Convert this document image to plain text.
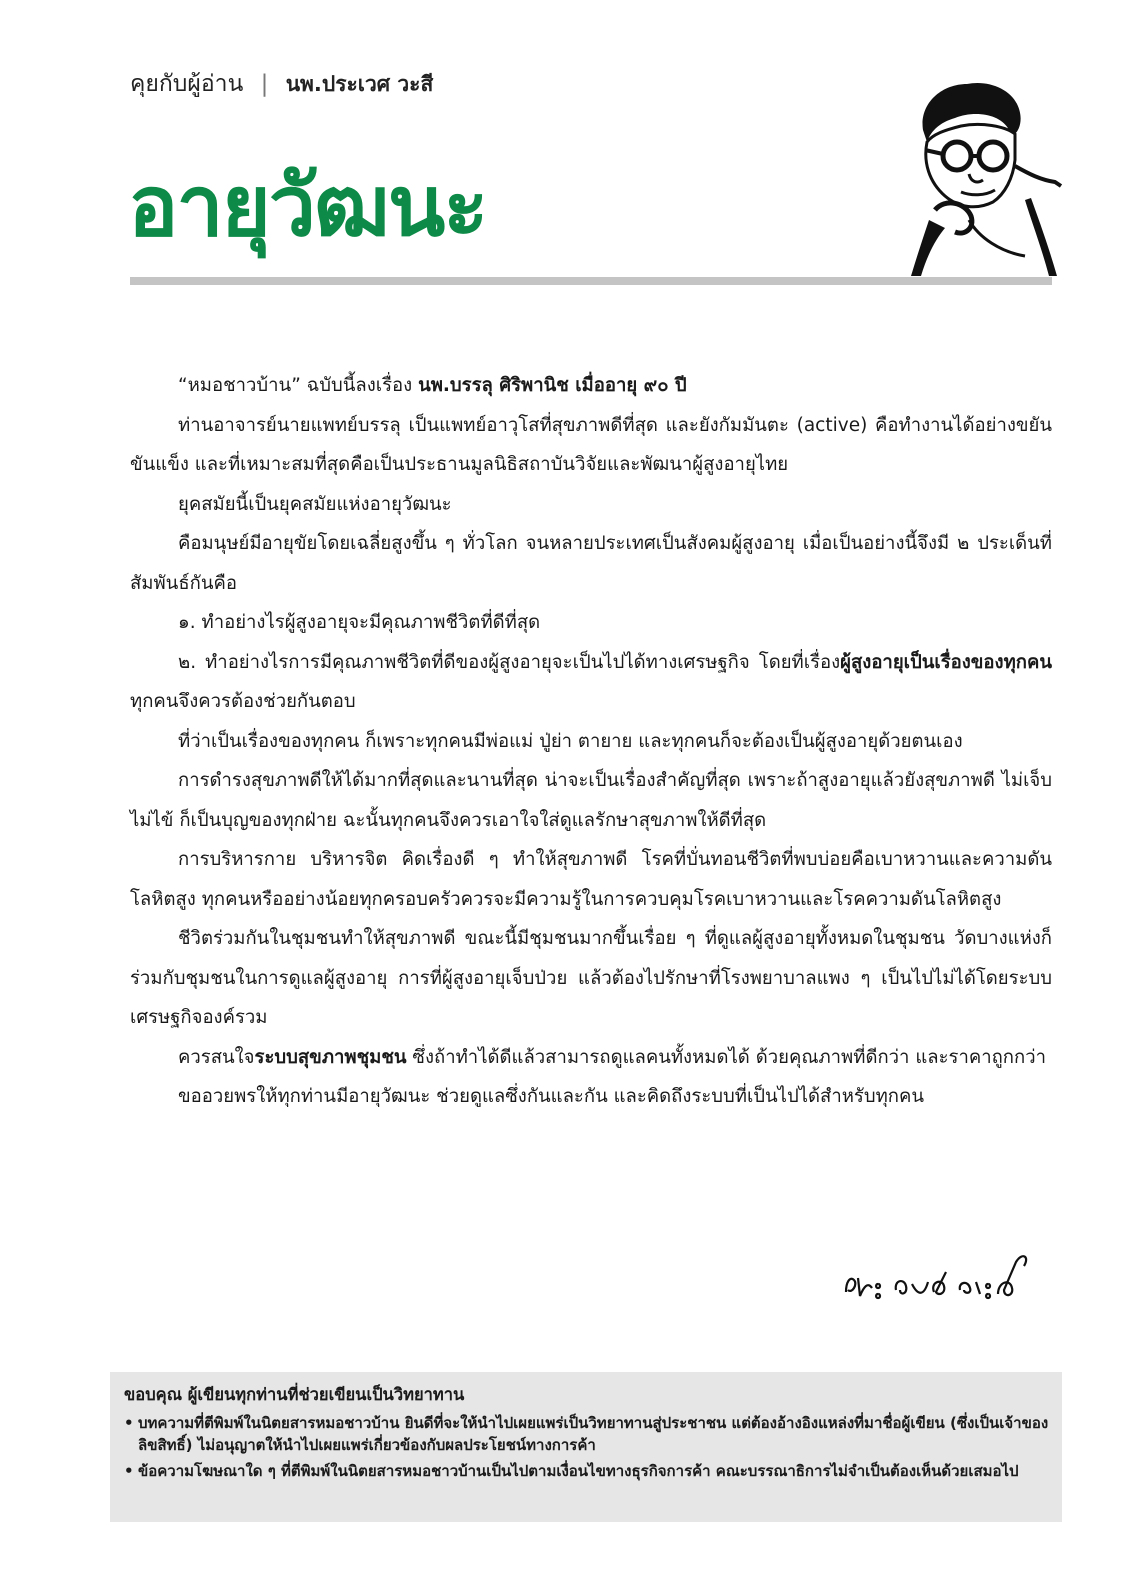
คุยกับผู้อ่าน | นพ.ประเวศ วะสี
อายุวัฒนะ

“หมอชาวบ้าน” ฉบับนี้ลงเรื่อง นพ.บรรลุ ศิริพานิช เมื่ออายุ ๙๐ ปี

ท่านอาจารย์นายแพทย์บรรลุ เป็นแพทย์อาวุโสที่สุขภาพดีที่สุด และยังกัมมันตะ (active) คือทำงานได้อย่างขยันขันแข็ง และที่เหมาะสมที่สุดคือเป็นประธานมูลนิธิสถาบันวิจัยและพัฒนาผู้สูงอายุไทย

ยุคสมัยนี้เป็นยุคสมัยแห่งอายุวัฒนะ

คือมนุษย์มีอายุขัยโดยเฉลี่ยสูงขึ้น ๆ ทั่วโลก จนหลายประเทศเป็นสังคมผู้สูงอายุ เมื่อเป็นอย่างนี้จึงมี ๒ ประเด็นที่สัมพันธ์กันคือ

๑. ทำอย่างไรผู้สูงอายุจะมีคุณภาพชีวิตที่ดีที่สุด

๒. ทำอย่างไรการมีคุณภาพชีวิตที่ดีของผู้สูงอายุจะเป็นไปได้ทางเศรษฐกิจ โดยที่เรื่องผู้สูงอายุเป็นเรื่องของทุกคน ทุกคนจึงควรต้องช่วยกันตอบ

ที่ว่าเป็นเรื่องของทุกคน ก็เพราะทุกคนมีพ่อแม่ ปู่ย่า ตายาย และทุกคนก็จะต้องเป็นผู้สูงอายุด้วยตนเอง

การดำรงสุขภาพดีให้ได้มากที่สุดและนานที่สุด น่าจะเป็นเรื่องสำคัญที่สุด เพราะถ้าสูงอายุแล้วยังสุขภาพดี ไม่เจ็บไม่ไข้ ก็เป็นบุญของทุกฝ่าย ฉะนั้นทุกคนจึงควรเอาใจใส่ดูแลรักษาสุขภาพให้ดีที่สุด

การบริหารกาย บริหารจิต คิดเรื่องดี ๆ ทำให้สุขภาพดี โรคที่บั่นทอนชีวิตที่พบบ่อยคือเบาหวานและความดันโลหิตสูง ทุกคนหรืออย่างน้อยทุกครอบครัวควรจะมีความรู้ในการควบคุมโรคเบาหวานและโรคความดันโลหิตสูง

ชีวิตร่วมกันในชุมชนทำให้สุขภาพดี ขณะนี้มีชุมชนมากขึ้นเรื่อย ๆ ที่ดูแลผู้สูงอายุทั้งหมดในชุมชน วัดบางแห่งก็ร่วมกับชุมชนในการดูแลผู้สูงอายุ การที่ผู้สูงอายุเจ็บป่วย แล้วต้องไปรักษาที่โรงพยาบาลแพง ๆ เป็นไปไม่ได้โดยระบบเศรษฐกิจองค์รวม

ควรสนใจระบบสุขภาพชุมชน ซึ่งถ้าทำได้ดีแล้วสามารถดูแลคนทั้งหมดได้ ด้วยคุณภาพที่ดีกว่า และราคาถูกกว่า

ขออวยพรให้ทุกท่านมีอายุวัฒนะ ช่วยดูแลซึ่งกันและกัน และคิดถึงระบบที่เป็นไปได้สำหรับทุกคน

ขอบคุณ ผู้เขียนทุกท่านที่ช่วยเขียนเป็นวิทยาทาน
• บทความที่ตีพิมพ์ในนิตยสารหมอชาวบ้าน ยินดีที่จะให้นำไปเผยแพร่เป็นวิทยาทานสู่ประชาชน แต่ต้องอ้างอิงแหล่งที่มาชื่อผู้เขียน (ซึ่งเป็นเจ้าของลิขสิทธิ์) ไม่อนุญาตให้นำไปเผยแพร่เกี่ยวข้องกับผลประโยชน์ทางการค้า
• ข้อความโฆษณาใด ๆ ที่ตีพิมพ์ในนิตยสารหมอชาวบ้านเป็นไปตามเงื่อนไขทางธุรกิจการค้า คณะบรรณาธิการไม่จำเป็นต้องเห็นด้วยเสมอไป
